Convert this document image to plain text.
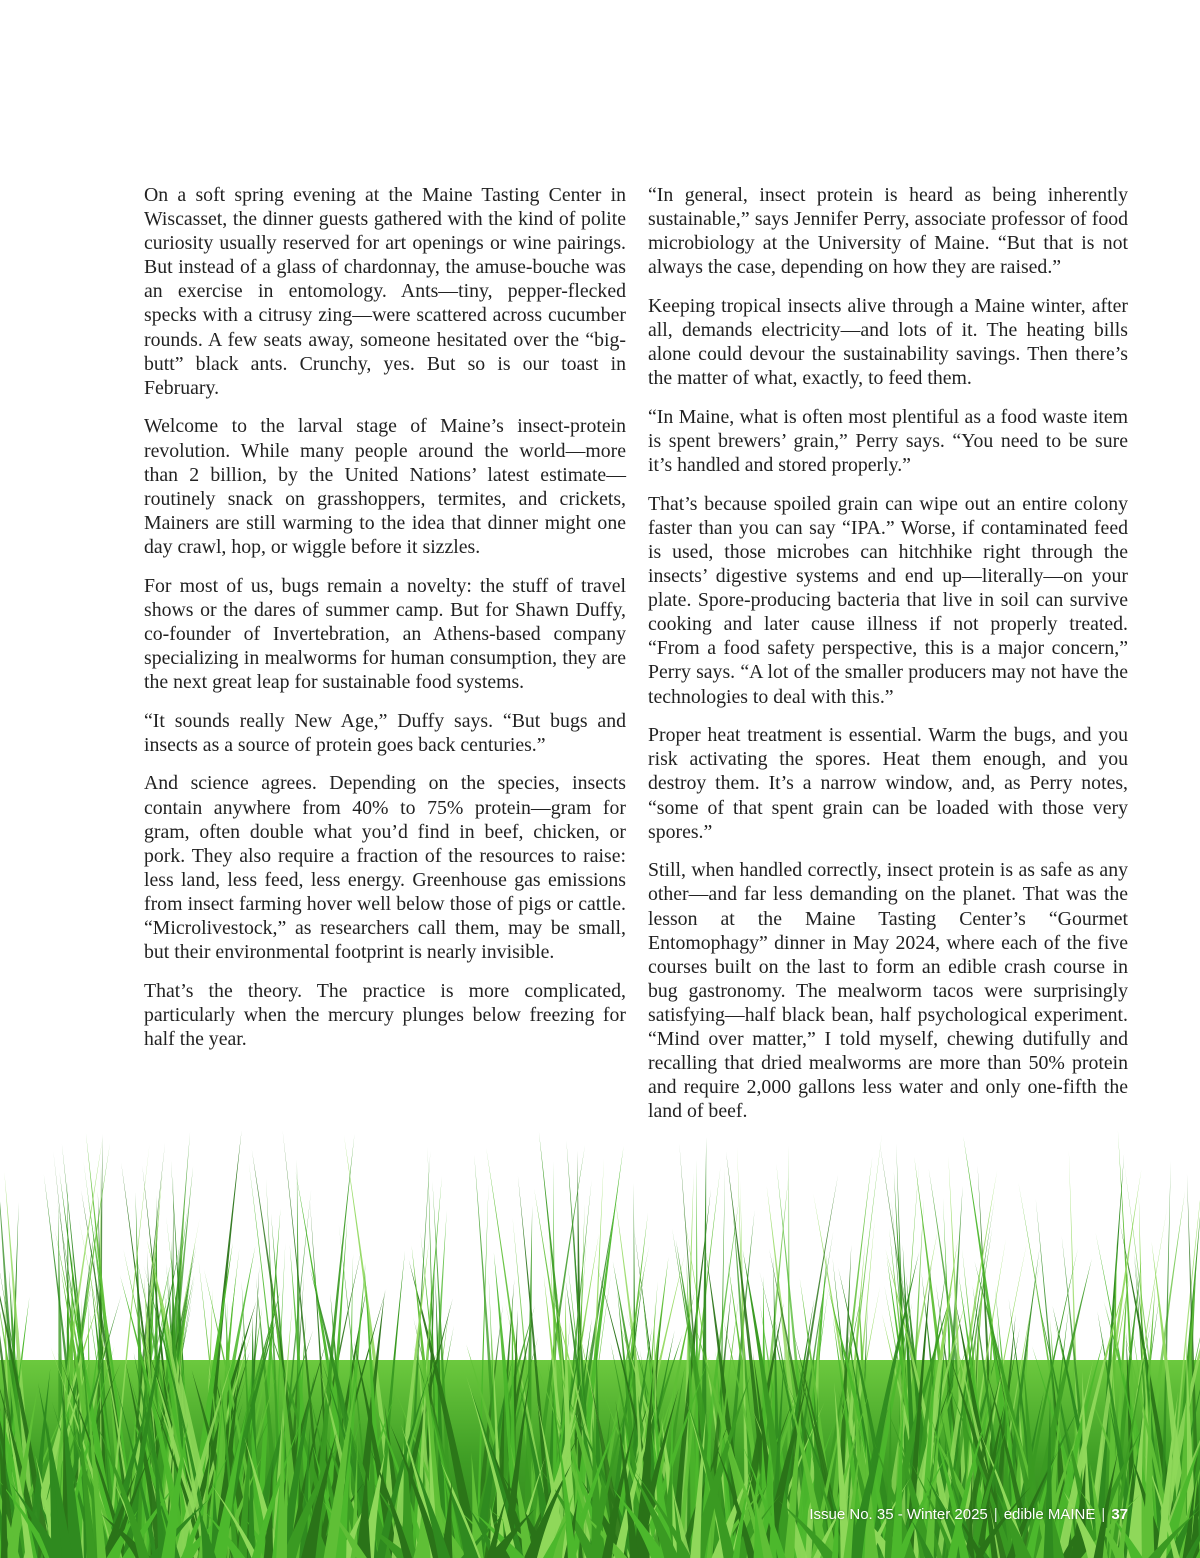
On a soft spring evening at the Maine Tasting Center in Wiscasset, the dinner guests gathered with the kind of polite curiosity usually reserved for art openings or wine pairings. But instead of a glass of chardonnay, the amuse-bouche was an exercise in entomology. Ants—tiny, pepper-flecked specks with a citrusy zing—were scattered across cucumber rounds. A few seats away, someone hesitated over the “big-butt” black ants. Crunchy, yes. But so is our toast in February.

Welcome to the larval stage of Maine’s insect-protein revolution. While many people around the world—more than 2 billion, by the United Nations’ latest estimate—routinely snack on grasshoppers, termites, and crickets, Mainers are still warming to the idea that dinner might one day crawl, hop, or wiggle before it sizzles.

For most of us, bugs remain a novelty: the stuff of travel shows or the dares of summer camp. But for Shawn Duffy, co-founder of Invertebration, an Athens-based company specializing in mealworms for human consumption, they are the next great leap for sustainable food systems.

“It sounds really New Age,” Duffy says. “But bugs and insects as a source of protein goes back centuries.”

And science agrees. Depending on the species, insects contain anywhere from 40% to 75% protein—gram for gram, often double what you’d find in beef, chicken, or pork. They also require a fraction of the resources to raise: less land, less feed, less energy. Greenhouse gas emissions from insect farming hover well below those of pigs or cattle. “Microlivestock,” as researchers call them, may be small, but their environmental footprint is nearly invisible.

That’s the theory. The practice is more complicated, particularly when the mercury plunges below freezing for half the year.

“In general, insect protein is heard as being inherently sustainable,” says Jennifer Perry, associate professor of food microbiology at the University of Maine. “But that is not always the case, depending on how they are raised.”

Keeping tropical insects alive through a Maine winter, after all, demands electricity—and lots of it. The heating bills alone could devour the sustainability savings. Then there’s the matter of what, exactly, to feed them.

“In Maine, what is often most plentiful as a food waste item is spent brewers’ grain,” Perry says. “You need to be sure it’s handled and stored properly.”

That’s because spoiled grain can wipe out an entire colony faster than you can say “IPA.” Worse, if contaminated feed is used, those microbes can hitchhike right through the insects’ digestive systems and end up—literally—on your plate. Spore-producing bacteria that live in soil can survive cooking and later cause illness if not properly treated. “From a food safety perspective, this is a major concern,” Perry says. “A lot of the smaller producers may not have the technologies to deal with this.”

Proper heat treatment is essential. Warm the bugs, and you risk activating the spores. Heat them enough, and you destroy them. It’s a narrow window, and, as Perry notes, “some of that spent grain can be loaded with those very spores.”

Still, when handled correctly, insect protein is as safe as any other—and far less demanding on the planet. That was the lesson at the Maine Tasting Center’s “Gourmet Entomophagy” dinner in May 2024, where each of the five courses built on the last to form an edible crash course in bug gastronomy. The mealworm tacos were surprisingly satisfying—half black bean, half psychological experiment. “Mind over matter,” I told myself, chewing dutifully and recalling that dried mealworms are more than 50% protein and require 2,000 gallons less water and only one-fifth the land of beef.

Issue No. 35 - Winter 2025 | edible MAINE | 37
